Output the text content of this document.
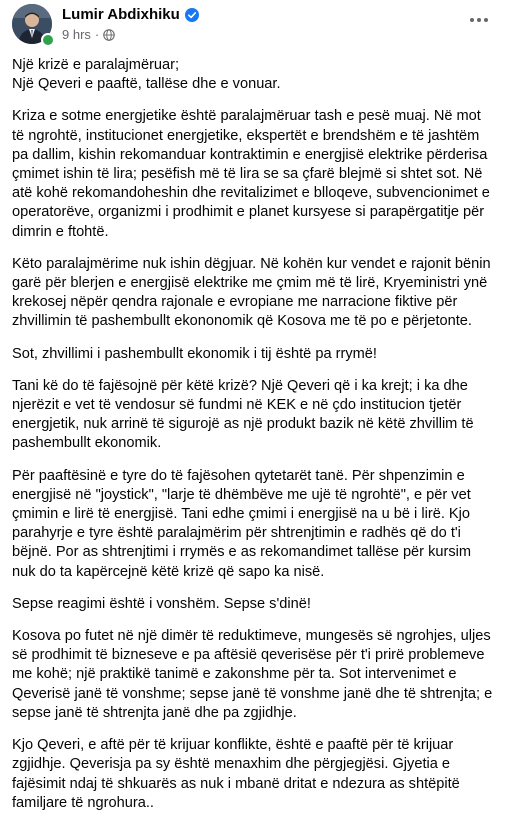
Lumir Abdixhiku
9 hrs ·

Një krizë e paralajmëruar;
Një Qeveri e paaftë, tallëse dhe e vonuar.

Kriza e sotme energjetike është paralajmëruar tash e pesë muaj. Në mot të ngrohtë, institucionet energjetike, ekspertët e brendshëm e të jashtëm pa dallim, kishin rekomanduar kontraktimin e energjisë elektrike përderisa çmimet ishin të lira; pesëfish më të lira se sa çfarë blejmë si shtet sot. Në atë kohë rekomandoheshin dhe revitalizimet e blloqeve, subvencionimet e operatorëve, organizmi i prodhimit e planet kursyese si parapërgatitje për dimrin e ftohtë.

Këto paralajmërime nuk ishin dëgjuar. Në kohën kur vendet e rajonit bënin garë për blerjen e energjisë elektrike me çmim më të lirë, Kryeministri ynë krekosej nëpër qendra rajonale e evropiane me narracione fiktive për zhvillimin të pashembullt ekononomik që Kosova me të po e përjetonte.

Sot, zhvillimi i pashembullt ekonomik i tij është pa rrymë!

Tani kë do të fajësojnë për këtë krizë? Një Qeveri që i ka krejt; i ka dhe njerëzit e vet të vendosur së fundmi në KEK e në çdo institucion tjetër energjetik, nuk arrinë të sigurojë as një produkt bazik në këtë zhvillim të pashembullt ekonomik.

Për paaftësinë e tyre do të fajësohen qytetarët tanë. Për shpenzimin e energjisë në "joystick", "larje të dhëmbëve me ujë të ngrohtë", e për vet çmimin e lirë të energjisë. Tani edhe çmimi i energjisë na u bë i lirë. Kjo parahyrje e tyre është paralajmërim për shtrenjtimin e radhës që do t'i bëjnë. Por as shtrenjtimi i rrymës e as rekomandimet tallëse për kursim nuk do ta kapërcejnë këtë krizë që sapo ka nisë.

Sepse reagimi është i vonshëm. Sepse s'dinë!

Kosova po futet në një dimër të reduktimeve, mungesës së ngrohjes, uljes së prodhimit të bizneseve e pa aftësië qeverisëse për t'i prirë problemeve me kohë; një praktikë tanimë e zakonshme për ta. Sot intervenimet e Qeverisë janë të vonshme; sepse janë të vonshme janë dhe të shtrenjta; e sepse janë të shtrenjta janë dhe pa zgjidhje.

Kjo Qeveri, e aftë për të krijuar konflikte, është e paaftë për të krijuar zgjidhje. Qeverisja pa sy është menaxhim dhe përgjegjësi. Gjyetia e fajësimit ndaj të shkuarës as nuk i mbanë dritat e ndezura as shtëpitë familjare të ngrohura..
